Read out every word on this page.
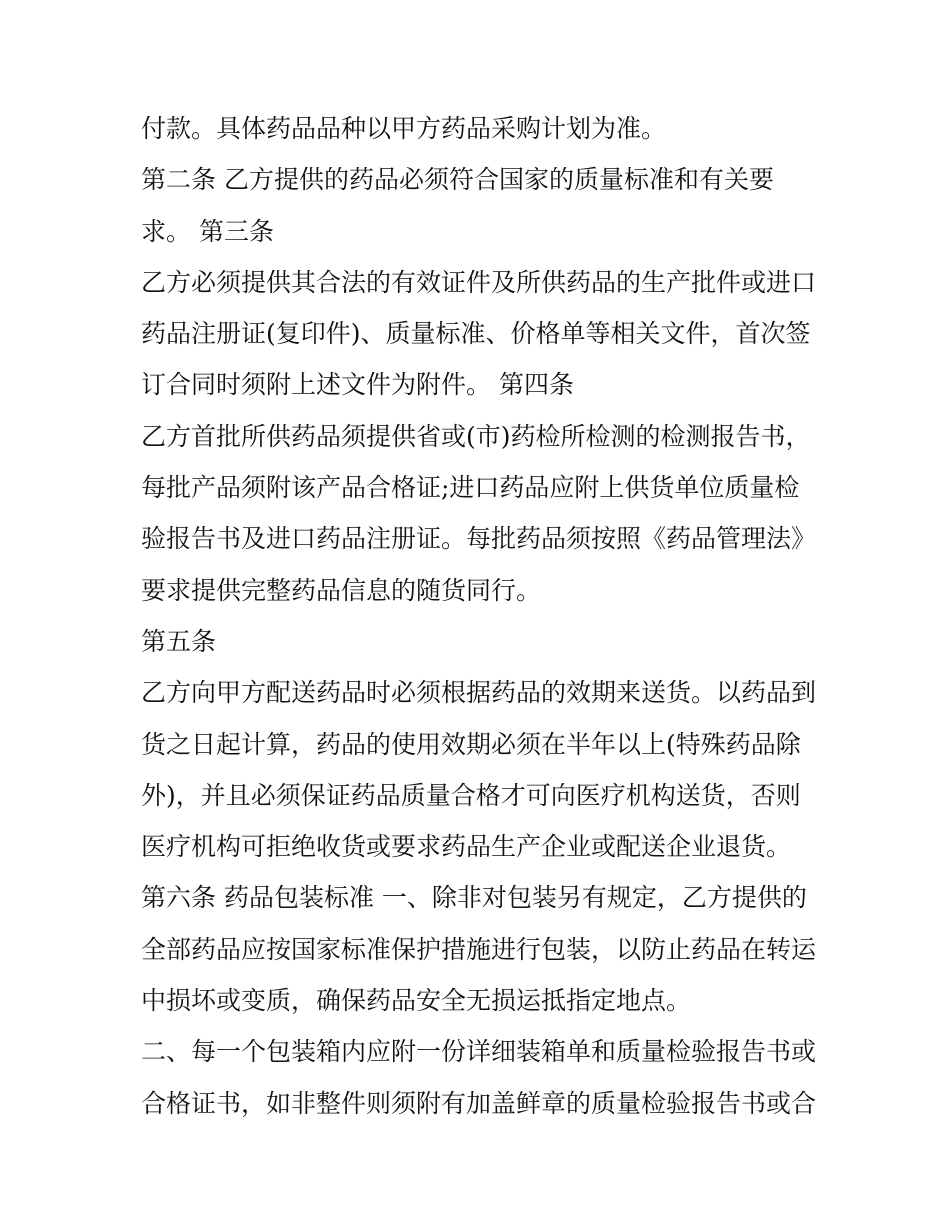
付款。具体药品品种以甲方药品采购计划为准。
第二条 乙方提供的药品必须符合国家的质量标准和有关要
求。 第三条
乙方必须提供其合法的有效证件及所供药品的生产批件或进口
药品注册证(复印件)、质量标准、价格单等相关文件，首次签
订合同时须附上述文件为附件。 第四条
乙方首批所供药品须提供省或(市)药检所检测的检测报告书，
每批产品须附该产品合格证;进口药品应附上供货单位质量检
验报告书及进口药品注册证。每批药品须按照《药品管理法》
要求提供完整药品信息的随货同行。
第五条
乙方向甲方配送药品时必须根据药品的效期来送货。以药品到
货之日起计算，药品的使用效期必须在半年以上(特殊药品除
外)，并且必须保证药品质量合格才可向医疗机构送货，否则
医疗机构可拒绝收货或要求药品生产企业或配送企业退货。
第六条 药品包装标准 一、除非对包装另有规定，乙方提供的
全部药品应按国家标准保护措施进行包装，以防止药品在转运
中损坏或变质，确保药品安全无损运抵指定地点。
二、每一个包装箱内应附一份详细装箱单和质量检验报告书或
合格证书，如非整件则须附有加盖鲜章的质量检验报告书或合
